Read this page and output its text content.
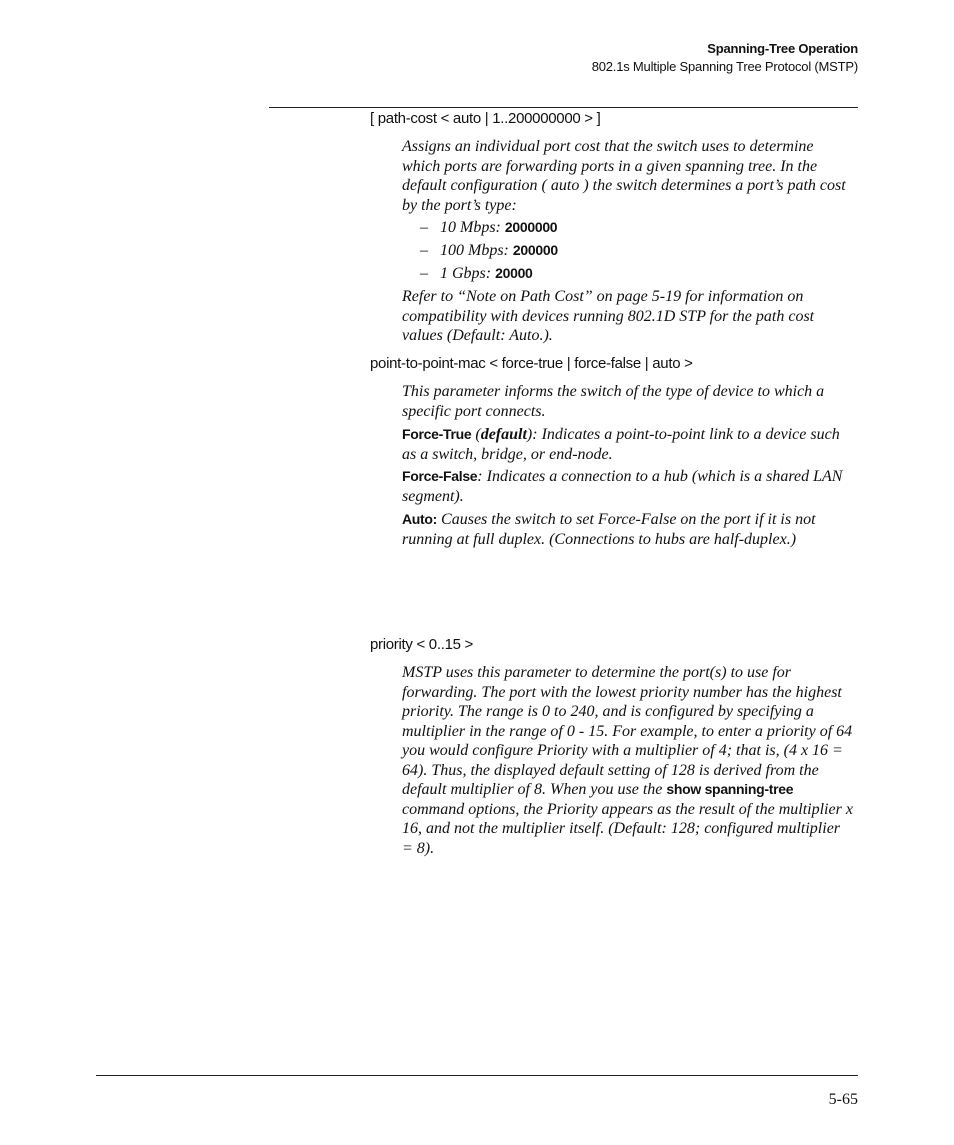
Spanning-Tree Operation
802.1s Multiple Spanning Tree Protocol (MSTP)
[ path-cost < auto | 1..200000000 > ]
Assigns an individual port cost that the switch uses to determine which ports are forwarding ports in a given spanning tree. In the default configuration ( auto ) the switch determines a port’s path cost by the port’s type:
– 10 Mbps: 2000000
– 100 Mbps: 200000
– 1 Gbps: 20000
Refer to “Note on Path Cost” on page 5-19 for information on compatibility with devices running 802.1D STP for the path cost values (Default: Auto.).
point-to-point-mac < force-true | force-false | auto >
This parameter informs the switch of the type of device to which a specific port connects.
Force-True (default): Indicates a point-to-point link to a device such as a switch, bridge, or end-node.
Force-False: Indicates a connection to a hub (which is a shared LAN segment).
Auto: Causes the switch to set Force-False on the port if it is not running at full duplex. (Connections to hubs are half-duplex.)
priority < 0..15 >
MSTP uses this parameter to determine the port(s) to use for forwarding. The port with the lowest priority number has the highest priority. The range is 0 to 240, and is configured by specifying a multiplier in the range of 0 - 15. For example, to enter a priority of 64 you would configure Priority with a multiplier of 4; that is, (4 x 16 = 64). Thus, the displayed default setting of 128 is derived from the default multiplier of 8. When you use the show spanning-tree command options, the Priority appears as the result of the multiplier x 16, and not the multiplier itself. (Default: 128; configured multiplier = 8).
5-65
